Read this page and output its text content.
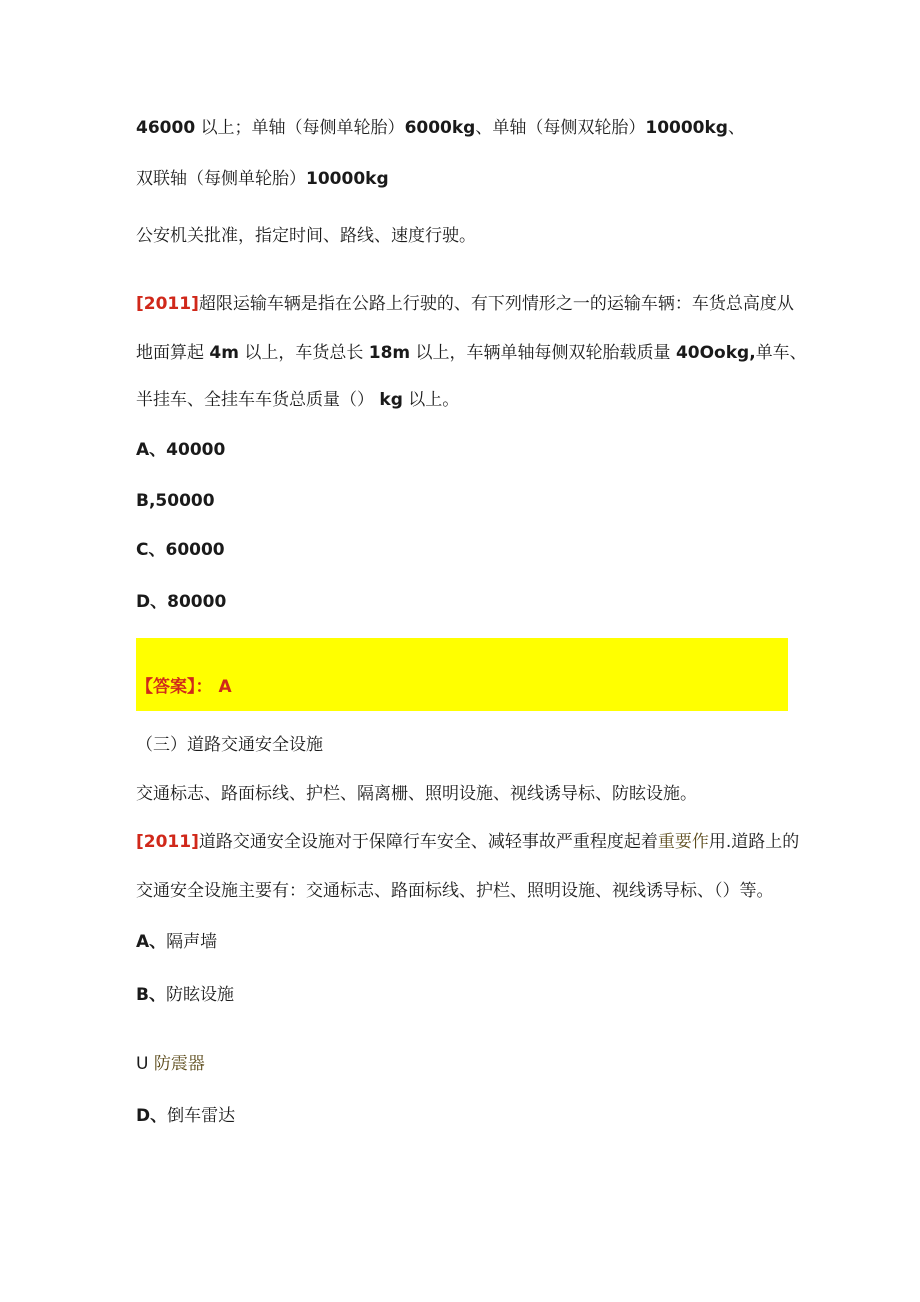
46000 以上；单轴（每侧单轮胎）6000kg、单轴（每侧双轮胎）10000kg、
双联轴（每侧单轮胎）10000kg
公安机关批准，指定时间、路线、速度行驶。
[2011]超限运输车辆是指在公路上行驶的、有下列情形之一的运输车辆：车货总高度从
地面算起 4m 以上，车货总长 18m 以上，车辆单轴每侧双轮胎载质量 40Ookg,单车、
半挂车、全挂车车货总质量（） kg 以上。
A、40000
B,50000
C、60000
D、80000
【答案】： A
（三）道路交通安全设施
交通标志、路面标线、护栏、隔离栅、照明设施、视线诱导标、防眩设施。
[2011]道路交通安全设施对于保障行车安全、减轻事故严重程度起着重要作用.道路上的
交通安全设施主要有：交通标志、路面标线、护栏、照明设施、视线诱导标、（）等。
A、隔声墙
B、防眩设施
U 防震器
D、倒车雷达
